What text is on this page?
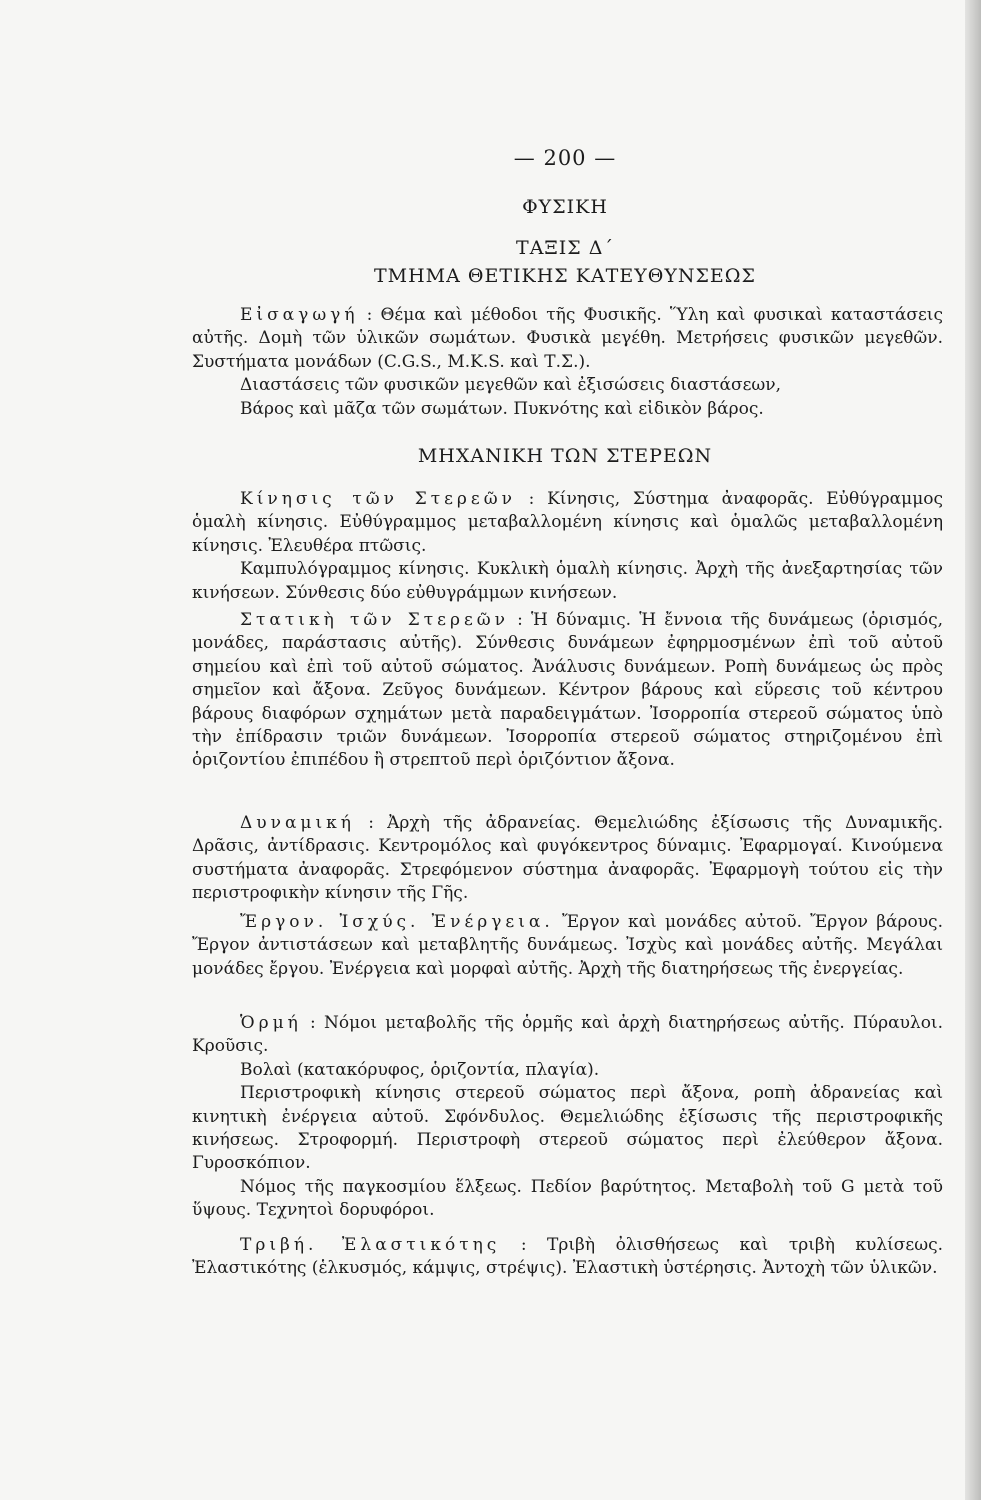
— 200 —
ΦΥΣΙΚΗ
ΤΑΞΙΣ Δ΄
ΤΜΗΜΑ ΘΕΤΙΚΗΣ ΚΑΤΕΥΘΥΝΣΕΩΣ

Εἰσαγωγή : Θέμα καὶ μέθοδοι τῆς Φυσικῆς. Ὕλη καὶ φυσικαὶ καταστάσεις αὐτῆς. Δομὴ τῶν ὑλικῶν σωμάτων. Φυσικὰ μεγέθη. Μετρήσεις φυσικῶν μεγεθῶν. Συστήματα μονάδων (C.G.S., M.K.S. καὶ Τ.Σ.).

Διαστάσεις τῶν φυσικῶν μεγεθῶν καὶ ἐξισώσεις διαστάσεων,

Βάρος καὶ μᾶζα τῶν σωμάτων. Πυκνότης καὶ εἰδικὸν βάρος.

ΜΗΧΑΝΙΚΗ ΤΩΝ ΣΤΕΡΕΩΝ

Κίνησις τῶν Στερεῶν : Κίνησις, Σύστημα ἀναφορᾶς. Εὐθύγραμμος ὁμαλὴ κίνησις. Εὐθύγραμμος μεταβαλλομένη κίνησις καὶ ὁμαλῶς μεταβαλλομένη κίνησις. Ἐλευθέρα πτῶσις.

Καμπυλόγραμμος κίνησις. Κυκλικὴ ὁμαλὴ κίνησις. Ἀρχὴ τῆς ἀνεξαρτησίας τῶν κινήσεων. Σύνθεσις δύο εὐθυγράμμων κινήσεων.

Στατικὴ τῶν Στερεῶν : Ἡ δύναμις. Ἡ ἔννοια τῆς δυνάμεως (ὁρισμός, μονάδες, παράστασις αὐτῆς). Σύνθεσις δυνάμεων ἐφηρμοσμένων ἐπὶ τοῦ αὐτοῦ σημείου καὶ ἐπὶ τοῦ αὐτοῦ σώματος. Ἀνάλυσις δυνάμεων. Ροπὴ δυνάμεως ὡς πρὸς σημεῖον καὶ ἄξονα. Ζεῦγος δυνάμεων. Κέντρον βάρους καὶ εὕρεσις τοῦ κέντρου βάρους διαφόρων σχημάτων μετὰ παραδειγμάτων. Ἰσορροπία στερεοῦ σώματος ὑπὸ τὴν ἐπίδρασιν τριῶν δυνάμεων. Ἰσορροπία στερεοῦ σώματος στηριζομένου ἐπὶ ὁριζοντίου ἐπιπέδου ἢ στρεπτοῦ περὶ ὁριζόντιον ἄξονα.

Δυναμική : Ἀρχὴ τῆς ἀδρανείας. Θεμελιώδης ἐξίσωσις τῆς Δυναμικῆς. Δρᾶσις, ἀντίδρασις. Κεντρομόλος καὶ φυγόκεντρος δύναμις. Ἐφαρμογαί. Κινούμενα συστήματα ἀναφορᾶς. Στρεφόμενον σύστημα ἀναφορᾶς. Ἐφαρμογὴ τούτου εἰς τὴν περιστροφικὴν κίνησιν τῆς Γῆς.

Ἔργον. Ἰσχύς. Ἐνέργεια. Ἔργον καὶ μονάδες αὐτοῦ. Ἔργον βάρους. Ἔργον ἀντιστάσεων καὶ μεταβλητῆς δυνάμεως. Ἰσχὺς καὶ μονάδες αὐτῆς. Μεγάλαι μονάδες ἔργου. Ἐνέργεια καὶ μορφαὶ αὐτῆς. Ἀρχὴ τῆς διατηρήσεως τῆς ἐνεργείας.

Ὁρμή : Νόμοι μεταβολῆς τῆς ὁρμῆς καὶ ἀρχὴ διατηρήσεως αὐτῆς. Πύραυλοι. Κροῦσις.

Βολαὶ (κατακόρυφος, ὁριζοντία, πλαγία).

Περιστροφικὴ κίνησις στερεοῦ σώματος περὶ ἄξονα, ροπὴ ἀδρανείας καὶ κινητικὴ ἐνέργεια αὐτοῦ. Σφόνδυλος. Θεμελιώδης ἐξίσωσις τῆς περιστροφικῆς κινήσεως. Στροφορμή. Περιστροφὴ στερεοῦ σώματος περὶ ἐλεύθερον ἄξονα. Γυροσκόπιον.

Νόμος τῆς παγκοσμίου ἕλξεως. Πεδίον βαρύτητος. Μεταβολὴ τοῦ G μετὰ τοῦ ὕψους. Τεχνητοὶ δορυφόροι.

Τριβή. Ἐλαστικότης : Τριβὴ ὀλισθήσεως καὶ τριβὴ κυλίσεως. Ἐλαστικότης (ἑλκυσμός, κάμψις, στρέψις). Ἐλαστικὴ ὑστέρησις. Ἀντοχὴ τῶν ὑλικῶν.
